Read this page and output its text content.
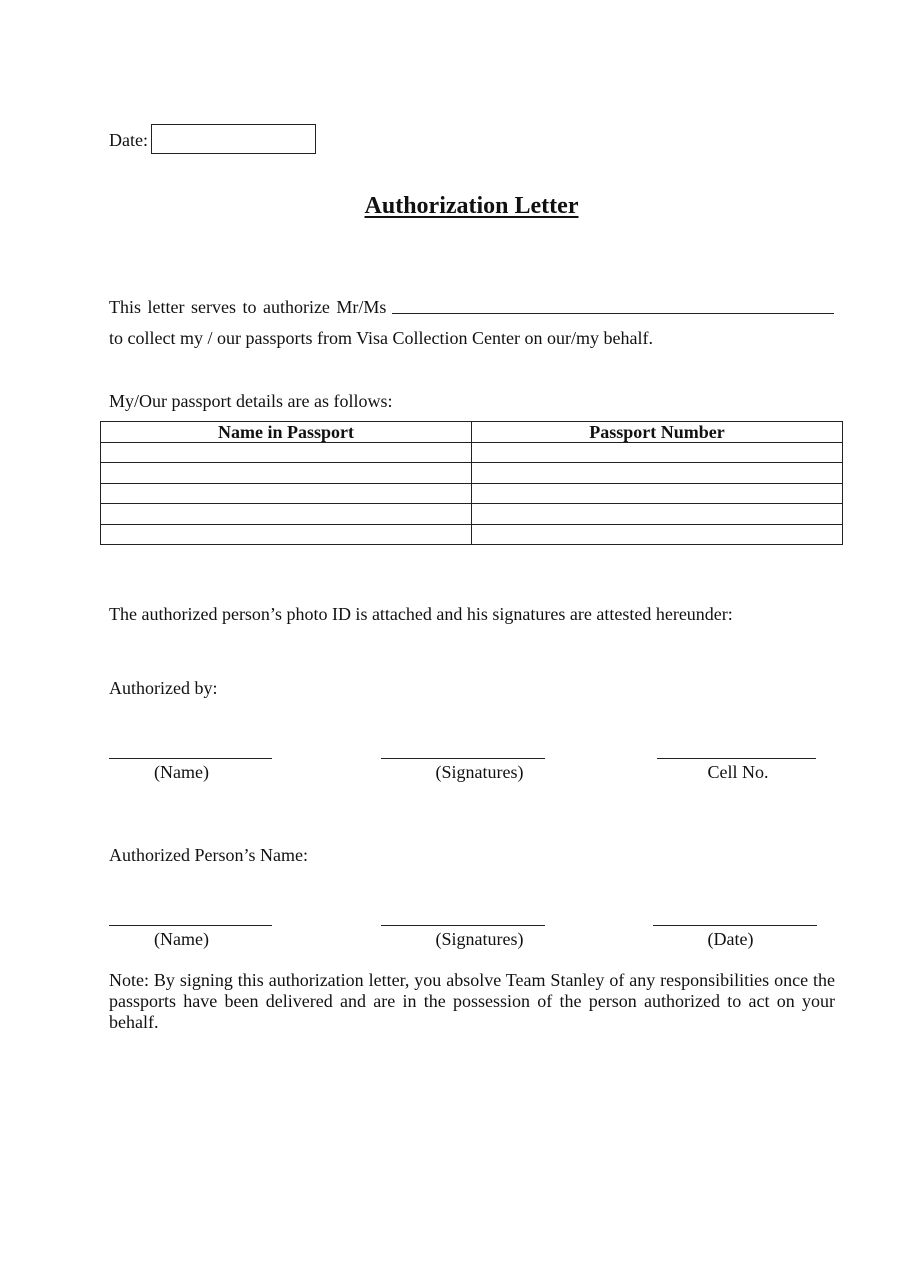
Date:
Authorization Letter
This letter serves to authorize Mr/Ms
to collect my / our passports from Visa Collection Center on our/my behalf.
My/Our passport details are as follows:
Name in Passport	Passport Number

The authorized person’s photo ID is attached and his signatures are attested hereunder:
Authorized by:
(Name)	(Signatures)	Cell No.
Authorized Person’s Name:
(Name)	(Signatures)	(Date)
Note: By signing this authorization letter, you absolve Team Stanley of any responsibilities once the passports have been delivered and are in the possession of the person authorized to act on your behalf.
